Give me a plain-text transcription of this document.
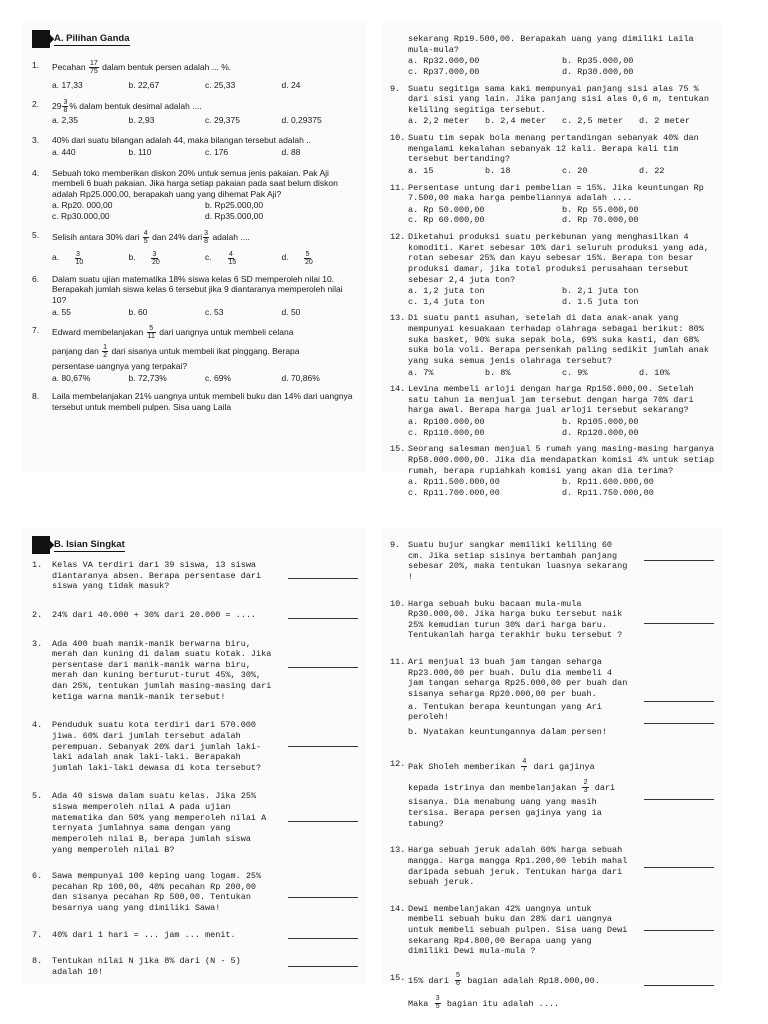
A. Pilihan Ganda
1. Pecahan $\frac{17}{75}$ dalam bentuk persen adalah ... %.
a. 17,33	b. 22,67	c. 25,33	d. 24
2. $29 \frac{3}{8}$ % dalam bentuk desimal adalah ....
a. 2,35	b. 2,93	c. 29,375	d. 0,29375
3. 40% dari suatu bilangan adalah 44, maka bilangan tersebut adalah ..
a. 440	b. 110	c. 176	d. 88
4. Sebuah toko memberikan diskon 20% untuk semua jenis pakaian. Pak Aji membeli 6 buah pakaian. Jika harga setiap pakaian pada saat belum diskon adalah Rp25.000,00, berapakah uang yang dihemat Pak Aji?
a. Rp20. 000,00	b. Rp25.000,00
c. Rp30.000,00	d. Rp35.000,00
5. Selisih antara 30% dari $\frac{4}{5}$ dan 24% dari $\frac{3}{8}$ adalah ....
a. $\frac{3}{10}$	b. $\frac{3}{20}$	c. $\frac{4}{15}$	d. $\frac{5}{20}$
6. Dalam suatu ujian matematika 18% siswa kelas 6 SD memperoleh nilai 10. Berapakah jumlah siswa kelas 6 tersebut jika 9 diantaranya memperoleh nilai 10?
a. 55	b. 60	c. 53	d. 50
7. Edward membelanjakan $\frac{5}{11}$ dari uangnya untuk membeli celana
panjang dan $\frac{1}{2}$ dari sisanya untuk membeli ikat pinggang. Berapa
persentase uangnya yang terpakai?
a. 80,67%	b. 72,73%	c. 69%	d. 70,86%
8. Laila membelanjakan 21% uangnya untuk membeli buku dan 14% dari uangnya tersebut untuk membeli pulpen. Sisa uang Laila
sekarang Rp19.500,00. Berapakah uang yang dimiliki Laila mula-mula?
a. Rp32.000,00	b. Rp35.000,00
c. Rp37.000,00	d. Rp30.000,00
9. Suatu segitiga sama kaki mempunyai panjang sisi alas 75 % dari sisi yang lain. Jika panjang sisi alas 0,6 m, tentukan keliling segitiga tersebut.
a. 2,2 meter	b. 2,4 meter	c. 2,5 meter	d. 2 meter
10. Suatu tim sepak bola menang pertandingan sebanyak 40% dan mengalami kekalahan sebanyak 12 kali. Berapa kali tim tersebut bertanding?
a. 15	b. 18	c. 20	d. 22
11. Persentase untung dari pembelian = 15%. Jika keuntungan Rp 7.500,00 maka harga pembeliannya adalah ....
a. Rp 50.000,00	b. Rp 55.000,00
c. Rp 60.000,00	d. Rp 70.000,00
12. Diketahui produksi suatu perkebunan yang menghasilkan 4 komoditi. Karet sebesar 10% dari seluruh produksi yang ada, rotan sebesar 25% dan kayu sebesar 15%. Berapa ton besar produksi damar, jika total produksi perusahaan tersebut sebesar 2,4 juta ton?
a. 1,2 juta ton	b. 2,1 juta ton
c. 1,4 juta ton	d. 1.5 juta ton
13. Di suatu panti asuhan, setelah di data anak-anak yang mempunyai kesuakaan terhadap olahraga sebagai berikut: 80% suka basket, 90% suka sepak bola, 69% suka kasti, dan 68% suka bola voli. Berapa persenkah paling sedikit jumlah anak yang suka semua jenis olahraga tersebut?
a. 7%	b. 8%	c. 9%	d. 10%
14. Levina membeli arloji dengan harga Rp150.000,00. Setelah satu tahun ia menjual jam tersebut dengan harga 70% dari harga awal. Berapa harga jual arloji tersebut sekarang?
a. Rp100.000,00	b. Rp105.000,00
c. Rp110.000,00	d. Rp120.000,00
15. Seorang salesman menjual 5 rumah yang masing-masing harganya Rp58.000.000,00. Jika dia mendapatkan komisi 4% untuk setiap rumah, berapa rupiahkah komisi yang akan dia terima?
a. Rp11.500.000,00	b. Rp11.600.000,00
c. Rp11.700.000,00	d. Rp11.750.000,00
B. Isian Singkat
1. Kelas VA terdiri dari 39 siswa, 13 siswa diantaranya absen. Berapa persentase dari siswa yang tidak masuk?
2. 24% dari 40.000 + 30% dari 20.000 = ....
3. Ada 400 buah manik-manik berwarna biru, merah dan kuning di dalam suatu kotak. Jika persentase dari manik-manik warna biru, merah dan kuning berturut-turut 45%, 30%, dan 25%, tentukan jumlah masing-masing dari ketiga warna manik-manik tersebut!
4. Penduduk suatu kota terdiri dari 570.000 jiwa. 60% dari jumlah tersebut adalah perempuan. Sebanyak 20% dari jumlah laki-laki adalah anak laki-laki. Berapakah jumlah laki-laki dewasa di kota tersebut?
5. Ada 40 siswa dalam suatu kelas. Jika 25% siswa memperoleh nilai A pada ujian matematika dan 50% yang memperoleh nilai A ternyata jumlahnya sama dengan yang memperoleh nilai B, berapa jumlah siswa yang memperoleh nilai B?
6. Sawa mempunyai 100 keping uang logam. 25% pecahan Rp 100,00, 40% pecahan Rp 200,00 dan sisanya pecahan Rp 500,00. Tentukan besarnya uang yang dimiliki Sawa!
7. 40% dari 1 hari = ... jam ... menit.
8. Tentukan nilai N jika 8% dari (N - 5) adalah 10!
9. Suatu bujur sangkar memiliki keliling 60 cm. Jika setiap sisinya bertambah panjang sebesar 20%, maka tentukan luasnya sekarang !
10. Harga sebuah buku bacaan mula-mula Rp30.000,00. Jika harga buku tersebut naik 25% kemudian turun 30% dari harga baru. Tentukanlah harga terakhir buku tersebut ?
11. Ari menjual 13 buah jam tangan seharga Rp23.000,00 per buah. Dulu dia membeli 4 jam tangan seharga Rp25.000,00 per buah dan sisanya seharga Rp20.000,00 per buah.
a. Tentukan berapa keuntungan yang Ari peroleh!
b. Nyatakan keuntungannya dalam persen!
12. Pak Sholeh memberikan $\frac{4}{7}$ dari gajinya
kepada istrinya dan membelanjakan $\frac{2}{3}$ dari
sisanya. Dia menabung uang yang masih tersisa. Berapa persen gajinya yang ia tabung?
13. Harga sebuah jeruk adalah 60% harga sebuah mangga. Harga mangga Rp1.200,00 lebih mahal daripada sebuah jeruk. Tentukan harga dari sebuah jeruk.
14. Dewi membelanjakan 42% uangnya untuk membeli sebuah buku dan 28% dari uangnya untuk membeli sebuah pulpen. Sisa uang Dewi sekarang Rp4.800,00 Berapa uang yang dimiliki Dewi mula-mula ?
15. 15% dari $\frac{5}{6}$ bagian adalah Rp18.000,00.
Maka $\frac{3}{5}$ bagian itu adalah ....
